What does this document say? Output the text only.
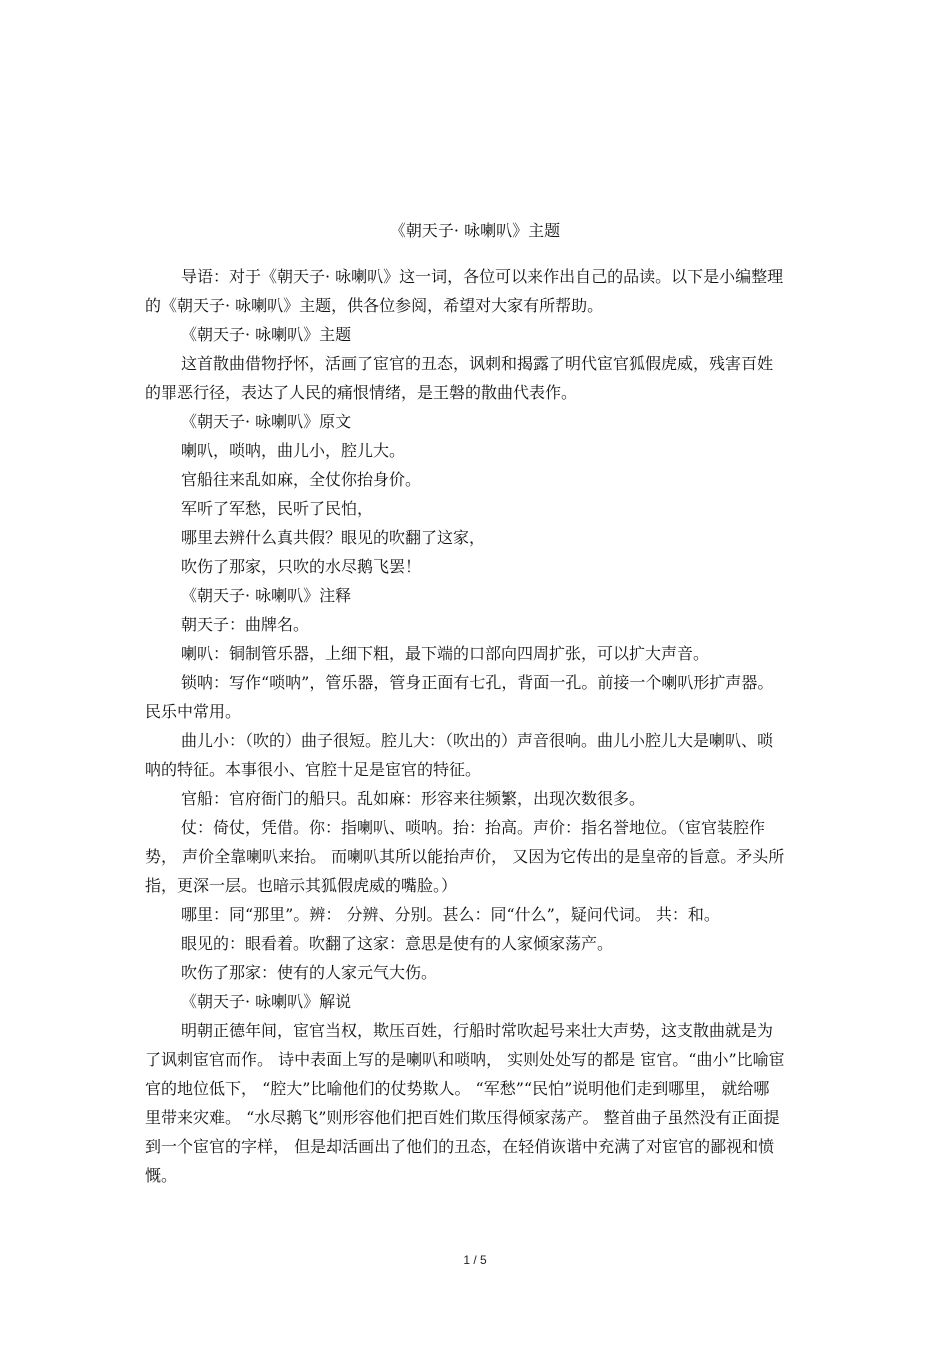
《朝天子· 咏喇叭》主题

导语：对于《朝天子· 咏喇叭》这一词，各位可以来作出自己的品读。以下是小编整理的《朝天子· 咏喇叭》主题，供各位参阅，希望对大家有所帮助。

《朝天子· 咏喇叭》主题

这首散曲借物抒怀，活画了宦官的丑态，讽刺和揭露了明代宦官狐假虎威，残害百姓的罪恶行径，表达了人民的痛恨情绪，是王磐的散曲代表作。

《朝天子· 咏喇叭》原文

喇叭，唢呐，曲儿小，腔儿大。

官船往来乱如麻，全仗你抬身价。

军听了军愁，民听了民怕，

哪里去辨什么真共假？眼见的吹翻了这家，

吹伤了那家，只吹的水尽鹅飞罢！

《朝天子· 咏喇叭》注释

朝天子：曲牌名。

喇叭：铜制管乐器，上细下粗，最下端的口部向四周扩张，可以扩大声音。

锁呐：写作“唢呐”，管乐器，管身正面有七孔，背面一孔。前接一个喇叭形扩声器。民乐中常用。

曲儿小：（吹的）曲子很短。腔儿大：（吹出的）声音很响。曲儿小腔儿大是喇叭、唢呐的特征。本事很小、官腔十足是宦官的特征。

官船：官府衙门的船只。乱如麻：形容来往频繁，出现次数很多。

仗：倚仗，凭借。你：指喇叭、唢呐。抬：抬高。声价：指名誉地位。（宦官装腔作势， 声价全靠喇叭来抬。 而喇叭其所以能抬声价， 又因为它传出的是皇帝的旨意。矛头所指，更深一层。也暗示其狐假虎威的嘴脸。）

哪里：同“那里”。辨： 分辨、分别。甚么：同“什么”，疑问代词。 共：和。

眼见的：眼看着。吹翻了这家：意思是使有的人家倾家荡产。

吹伤了那家：使有的人家元气大伤。

《朝天子· 咏喇叭》解说

明朝正德年间，宦官当权，欺压百姓，行船时常吹起号来壮大声势，这支散曲就是为了讽刺宦官而作。 诗中表面上写的是喇叭和唢呐， 实则处处写的都是 宦官。“曲小”比喻宦官的地位低下， “腔大”比喻他们的仗势欺人。 “军愁”“民怕”说明他们走到哪里， 就给哪里带来灾难。 “水尽鹅飞”则形容他们把百姓们欺压得倾家荡产。 整首曲子虽然没有正面提到一个宦官的字样， 但是却活画出了他们的丑态，在轻俏诙谐中充满了对宦官的鄙视和愤慨。

1 / 5
